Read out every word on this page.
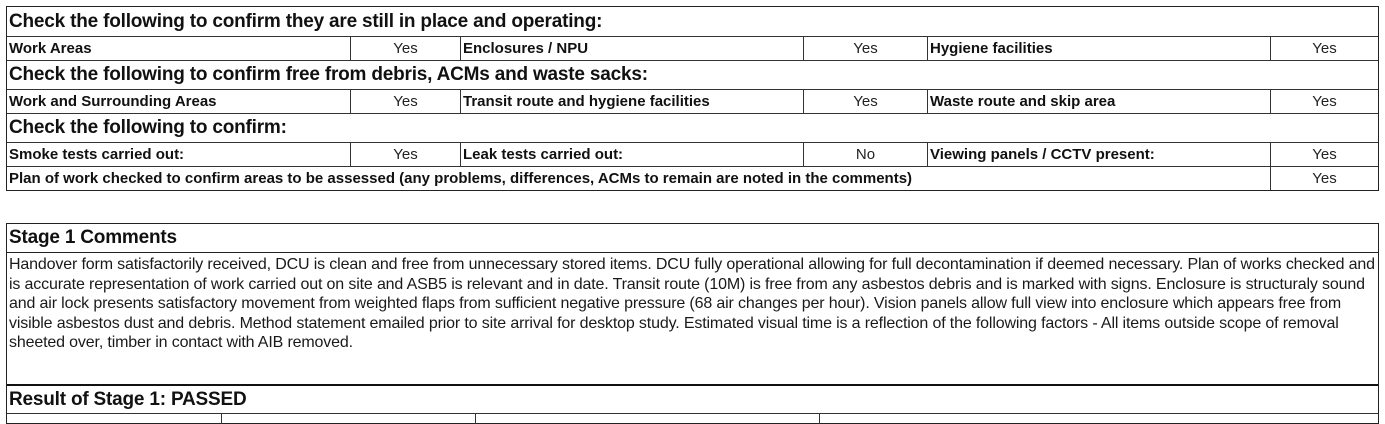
Check the following to confirm they are still in place and operating:
Work Areas	Yes	Enclosures / NPU	Yes	Hygiene facilities	Yes
Check the following to confirm free from debris, ACMs and waste sacks:
Work and Surrounding Areas	Yes	Transit route and hygiene facilities	Yes	Waste route and skip area	Yes
Check the following to confirm:
Smoke tests carried out:	Yes	Leak tests carried out:	No	Viewing panels / CCTV present:	Yes
Plan of work checked to confirm areas to be assessed (any problems, differences, ACMs to remain are noted in the comments)	Yes
Stage 1 Comments
Handover form satisfactorily received, DCU is clean and free from unnecessary stored items. DCU fully operational allowing for full decontamination if deemed necessary. Plan of works checked and is accurate representation of work carried out on site and ASB5 is relevant and in date. Transit route (10M) is free from any asbestos debris and is marked with signs. Enclosure is structuraly sound and air lock presents satisfactory movement from weighted flaps from sufficient negative pressure (68 air changes per hour). Vision panels allow full view into enclosure which appears free from visible asbestos dust and debris. Method statement emailed prior to site arrival for desktop study. Estimated visual time is a reflection of the following factors - All items outside scope of removal sheeted over, timber in contact with AIB removed.
Result of Stage 1: PASSED
